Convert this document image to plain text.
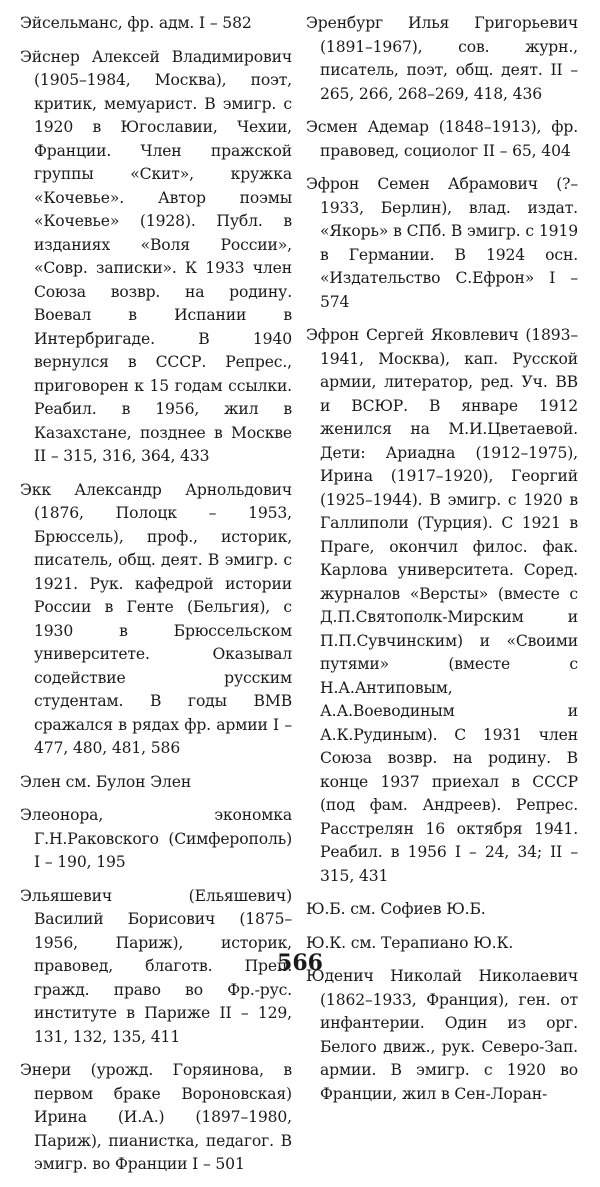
Эйсельманс, фр. адм. I – 582

Эйснер Алексей Владимирович (1905–1984, Москва), поэт, критик, мемуарист. В эмигр. с 1920 в Югославии, Чехии, Франции. Член пражской группы «Скит», кружка «Кочевье». Автор поэмы «Кочевье» (1928). Публ. в изданиях «Воля России», «Совр. записки». К 1933 член Союза возвр. на родину. Воевал в Испании в Интербригаде. В 1940 вернулся в СССР. Репрес., приговорен к 15 годам ссылки. Реабил. в 1956, жил в Казахстане, позднее в Москве II – 315, 316, 364, 433

Экк Александр Арнольдович (1876, Полоцк – 1953, Брюссель), проф., историк, писатель, общ. деят. В эмигр. с 1921. Рук. кафедрой истории России в Генте (Бельгия), с 1930 в Брюссельском университете. Оказывал содействие русским студентам. В годы ВМВ сражался в рядах фр. армии I – 477, 480, 481, 586

Элен см. Булон Элен

Элеонора, экономка Г.Н.Раковского (Симферополь) I – 190, 195

Эльяшевич (Ельяшевич) Василий Борисович (1875–1956, Париж), историк, правовед, благотв. Преп. гражд. право во Фр.-рус. институте в Париже II – 129, 131, 132, 135, 411

Энери (урожд. Горяинова, в первом браке Вороновская) Ирина (И.А.) (1897–1980, Париж), пианистка, педагог. В эмигр. во Франции I – 501

Эренбург Илья Григорьевич (1891–1967), сов. журн., писатель, поэт, общ. деят. II – 265, 266, 268–269, 418, 436

Эсмен Адемар (1848–1913), фр. правовед, социолог II – 65, 404

Эфрон Семен Абрамович (?–1933, Берлин), влад. издат. «Якорь» в СПб. В эмигр. с 1919 в Германии. В 1924 осн. «Издательство С.Ефрон» I – 574

Эфрон Сергей Яковлевич (1893–1941, Москва), кап. Русской армии, литератор, ред. Уч. ВВ и ВСЮР. В январе 1912 женился на М.И.Цветаевой. Дети: Ариадна (1912–1975), Ирина (1917–1920), Георгий (1925–1944). В эмигр. с 1920 в Галлиполи (Турция). С 1921 в Праге, окончил филос. фак. Карлова университета. Соред. журналов «Версты» (вместе с Д.П.Святополк-Мирским и П.П.Сувчинским) и «Своими путями» (вместе с Н.А.Антиповым, А.А.Воеводиным и А.К.Рудиным). С 1931 член Союза возвр. на родину. В конце 1937 приехал в СССР (под фам. Андреев). Репрес. Расстрелян 16 октября 1941. Реабил. в 1956 I – 24, 34; II – 315, 431

Ю.Б. см. Софиев Ю.Б.

Ю.К. см. Терапиано Ю.К.

Юденич Николай Николаевич (1862–1933, Франция), ген. от инфантерии. Один из орг. Белого движ., рук. Северо-Зап. армии. В эмигр. с 1920 во Франции, жил в Сен-Лоран-

566
